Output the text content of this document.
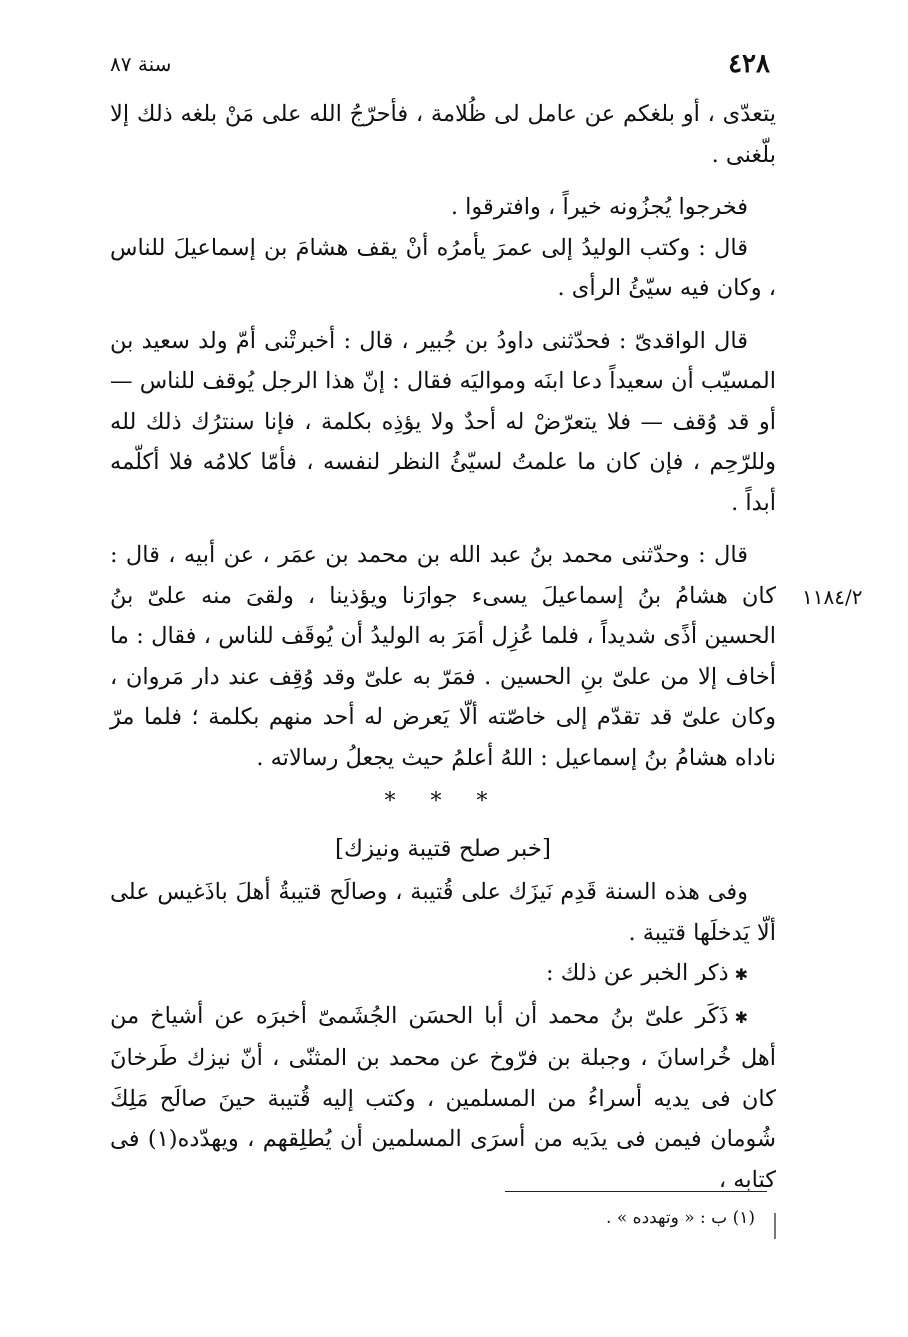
٤٢٨
سنة ٨٧
١١٨٤/٢

يتعدّى ، أو بلغكم عن عامل لى ظُلامة ، فأحرّجُ الله على مَنْ بلغه ذلك إلا بلّغنى .

فخرجوا يُجزُونه خيراً ، وافترقوا .

قال : وكتب الوليدُ إلى عمرَ يأمرُه أنْ يقف هشامَ بن إسماعيلَ للناس ، وكان فيه سيّئُ الرأى .

قال الواقدىّ : فحدّثنى داودُ بن جُبير ، قال : أخبرتْنى أمّ ولد سعيد بن المسيّب أن سعيداً دعا ابنَه ومواليَه فقال : إنّ هذا الرجل يُوقف للناس — أو قد وُقف — فلا يتعرّضْ له أحدٌ ولا يؤذِه بكلمة ، فإنا سنترُك ذلك لله وللرّحِم ، فإن كان ما علمتُ لسيّئُ النظر لنفسه ، فأمّا كلامُه فلا أكلّمه أبداً .

قال : وحدّثنى محمد بنُ عبد الله بن محمد بن عمَر ، عن أبيه ، قال : كان هشامُ بنُ إسماعيلَ يسىء جوارَنا ويؤذينا ، ولقىَ منه علىّ بنُ الحسين أذًى شديداً ، فلما عُزِل أمَرَ به الوليدُ أن يُوقَف للناس ، فقال : ما أخاف إلا من علىّ بنِ الحسين . فمَرّ به علىّ وقد وُقِف عند دار مَروان ، وكان علىّ قد تقدّم إلى خاصّته ألّا يَعرض له أحد منهم بكلمة ؛ فلما مرّ ناداه هشامُ بنُ إسماعيل : اللهُ أعلمُ حيث يجعلُ رسالاته .

* * *
[خبر صلح قتيبة ونيزك]

وفى هذه السنة قَدِم نَيزَك على قُتيبة ، وصالَح قتيبةُ أهلَ باذَغيس على ألّا يَدخلَها قتيبة .

✱ذكر الخبر عن ذلك :

✱ذَكَر علىّ بنُ محمد أن أبا الحسَن الجُشَمىّ أخبرَه عن أشياخ من أهل خُراسانَ ، وجبلة بن فرّوخ عن محمد بن المثنّى ، أنّ نيزك طَرخانَ كان فى يديه أسراءُ من المسلمين ، وكتب إليه قُتيبة حينَ صالَح مَلِكَ شُومان فيمن فى يدَيه من أسرَى المسلمين أن يُطلِقهم ، ويهدّده(١) فى كتابه ،

(١) ب : « وتهدده » .
